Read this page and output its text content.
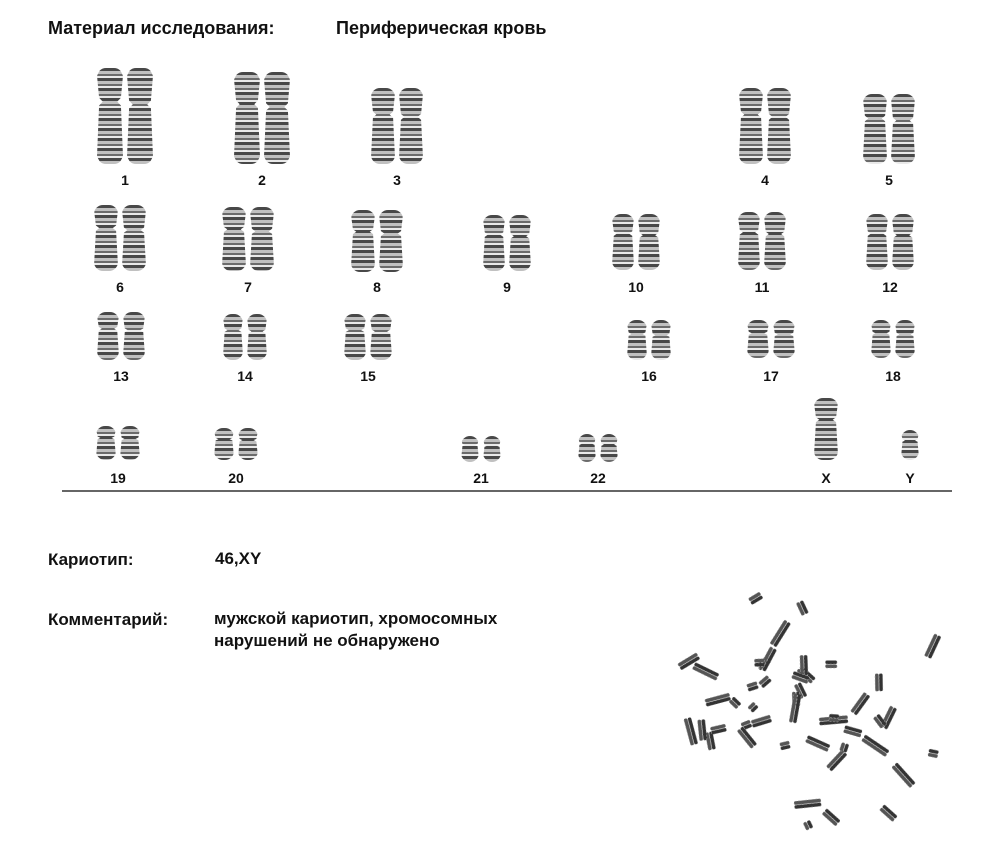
Материал исследования:	Периферическая кровь
1	2	3	4	5
6	7	8	9	10	11	12
13	14	15	16	17	18
19	20	21	22	X	Y
Кариотип:	46,XY
Комментарий:	мужской кариотип, хромосомных
нарушений не обнаружено
